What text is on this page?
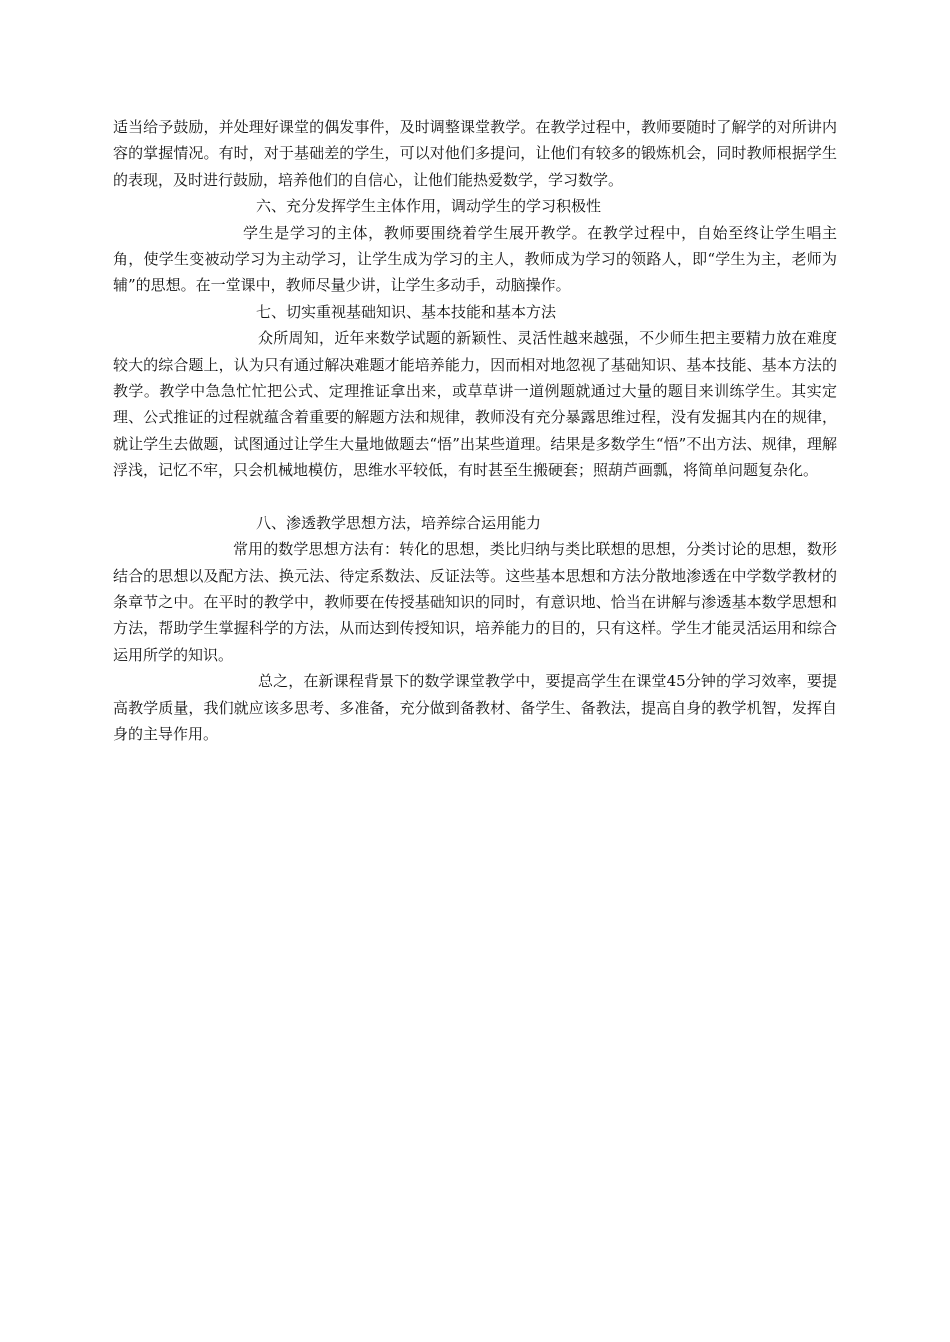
适当给予鼓励，并处理好课堂的偶发事件，及时调整课堂教学。在教学过程中，教师要随时了解学的对所讲内容的掌握情况。有时，对于基础差的学生，可以对他们多提问，让他们有较多的锻炼机会，同时教师根据学生的表现，及时进行鼓励，培养他们的自信心，让他们能热爱数学，学习数学。

六、充分发挥学生主体作用，调动学生的学习积极性

学生是学习的主体，教师要围绕着学生展开教学。在教学过程中，自始至终让学生唱主角，使学生变被动学习为主动学习，让学生成为学习的主人，教师成为学习的领路人，即“学生为主，老师为辅”的思想。在一堂课中，教师尽量少讲，让学生多动手，动脑操作。

七、切实重视基础知识、基本技能和基本方法

众所周知，近年来数学试题的新颖性、灵活性越来越强，不少师生把主要精力放在难度较大的综合题上，认为只有通过解决难题才能培养能力，因而相对地忽视了基础知识、基本技能、基本方法的教学。教学中急急忙忙把公式、定理推证拿出来，或草草讲一道例题就通过大量的题目来训练学生。其实定理、公式推证的过程就蕴含着重要的解题方法和规律，教师没有充分暴露思维过程，没有发掘其内在的规律，就让学生去做题，试图通过让学生大量地做题去“悟”出某些道理。结果是多数学生“悟”不出方法、规律，理解浮浅，记忆不牢，只会机械地模仿，思维水平较低，有时甚至生搬硬套；照葫芦画瓢，将简单问题复杂化。

八、渗透教学思想方法，培养综合运用能力

常用的数学思想方法有：转化的思想，类比归纳与类比联想的思想，分类讨论的思想，数形结合的思想以及配方法、换元法、待定系数法、反证法等。这些基本思想和方法分散地渗透在中学数学教材的条章节之中。在平时的教学中，教师要在传授基础知识的同时，有意识地、恰当在讲解与渗透基本数学思想和方法，帮助学生掌握科学的方法，从而达到传授知识，培养能力的目的，只有这样。学生才能灵活运用和综合运用所学的知识。

总之，在新课程背景下的数学课堂教学中，要提高学生在课堂45分钟的学习效率，要提高教学质量，我们就应该多思考、多准备，充分做到备教材、备学生、备教法，提高自身的教学机智，发挥自身的主导作用。
